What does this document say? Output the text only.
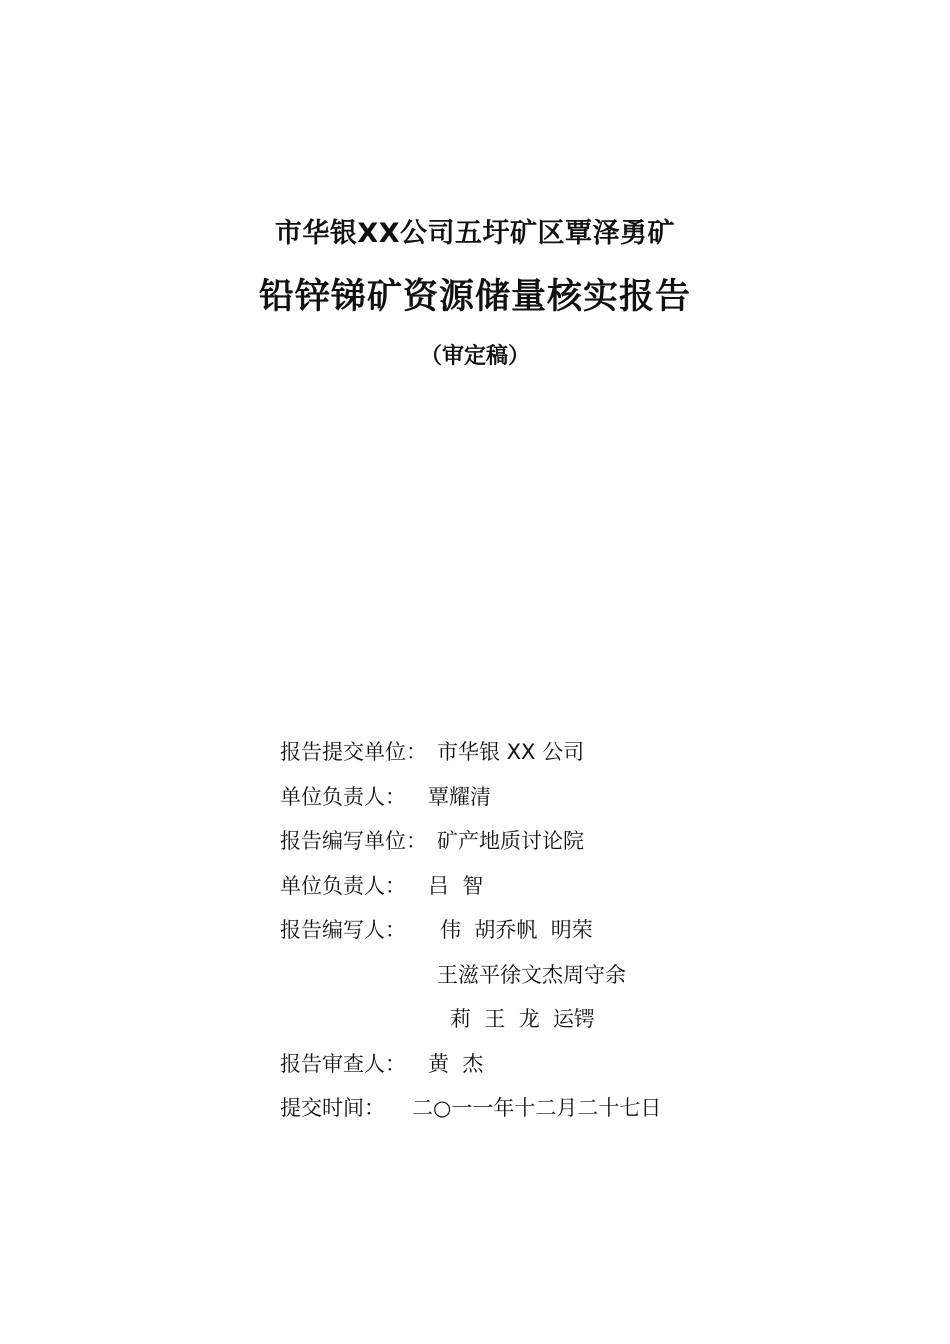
市华银XX公司五圩矿区覃泽勇矿
铅锌锑矿资源储量核实报告
（审定稿）
报告提交单位： 市华银 XX 公司
单位负责人： 覃耀清
报告编写单位： 矿产地质讨论院
单位负责人： 吕  智
报告编写人： 伟  胡乔帆  明荣
王滋平徐文杰周守余
莉  王  龙  运锷
报告审查人： 黄  杰
提交时间： 二○一一年十二月二十七日
